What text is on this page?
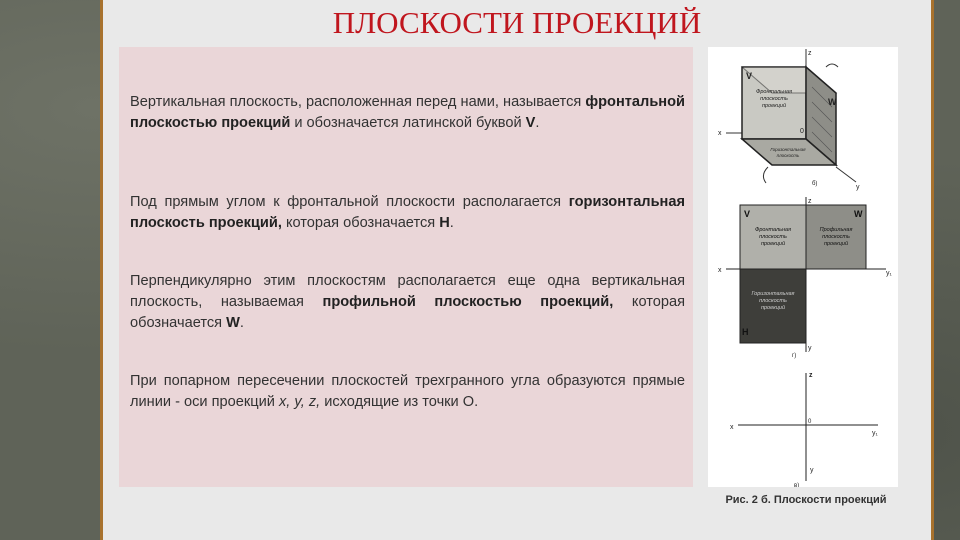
ПЛОСКОСТИ ПРОЕКЦИЙ
Вертикальная плоскость, расположенная перед нами, называется фронтальной плоскостью проекций и обозначается латинской буквой V.
Под прямым углом к фронтальной плоскости располагается горизонтальная плоскость проекций, которая обозначается Н.
Перпендикулярно этим плоскостям располагается еще одна вертикальная плоскость, называемая профильной плоскостью проекций, которая обозначается W.
При попарном пересечении плоскостей трехгранного угла образуются прямые линии - оси проекций х, у, z, исходящие из точки О.
V
W
z
x
y
0
б)
Фронтальная
плоскость
проекций
Горизонтальная
плоскость
V	W
H
x	y₁
y
z
г)
Фронтальная
плоскость
проекций
Профильная
плоскость
проекций
Горизонтальная
плоскость
проекций
z
x
y₁
y
0
в)
Рис. 2 б. Плоскости проекций
